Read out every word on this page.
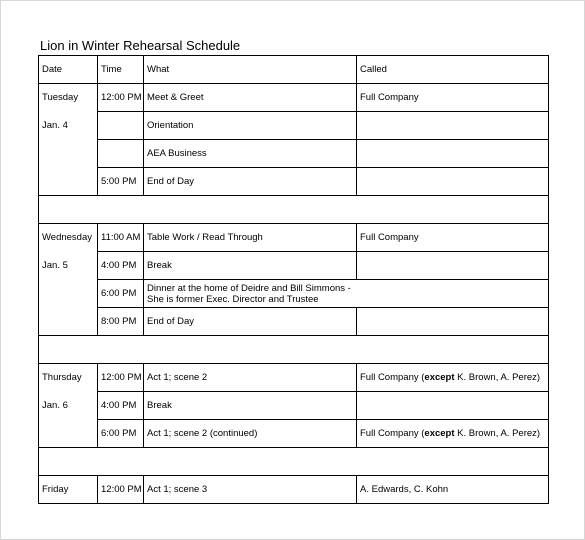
Lion in Winter Rehearsal Schedule
Date	Time	What	Called
Tuesday	12:00 PM	Meet & Greet	Full Company
Jan. 4		Orientation	
		AEA Business	
	5:00 PM	End of Day	

Wednesday	11:00 AM	Table Work / Read Through	Full Company
Jan. 5	4:00 PM	Break	
	6:00 PM	Dinner at the home of Deidre and Bill Simmons -
She is former Exec. Director and Trustee	

	8:00 PM	End of Day	

Thursday	12:00 PM	Act 1; scene 2	Full Company (except K. Brown, A. Perez)
Jan. 6	4:00 PM	Break	
	6:00 PM	Act 1; scene 2 (continued)	Full Company (except K. Brown, A. Perez)

Friday	12:00 PM	Act 1; scene 3	A. Edwards, C. Kohn
